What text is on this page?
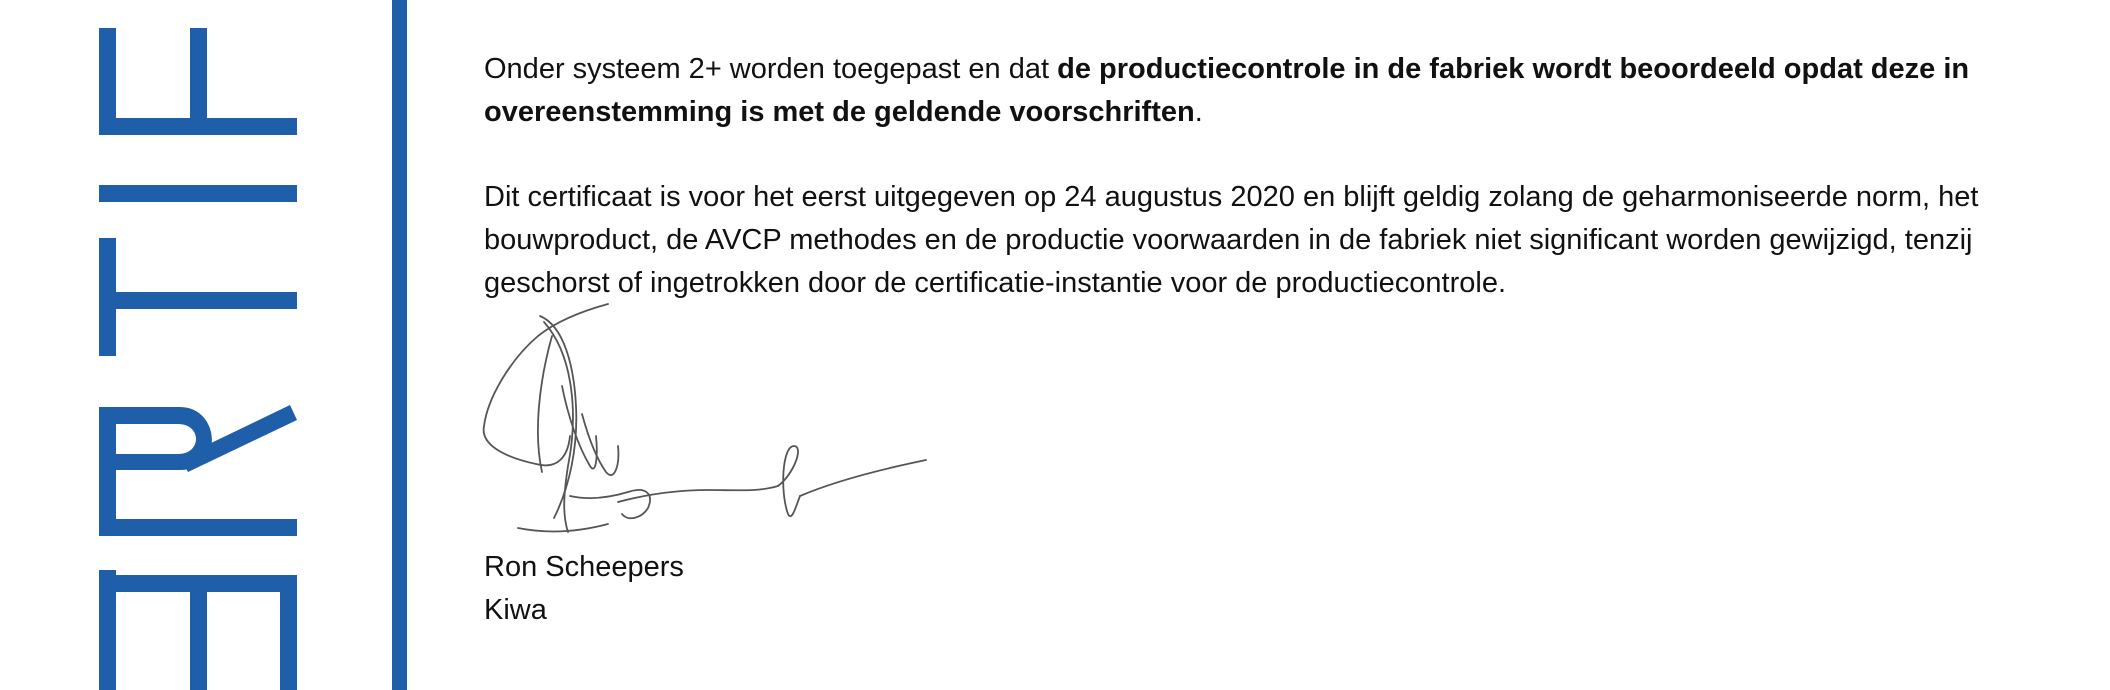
Onder systeem 2+ worden toegepast en dat de productiecontrole in de fabriek wordt beoordeeld opdat deze in overeenstemming is met de geldende voorschriften.

Dit certificaat is voor het eerst uitgegeven op 24 augustus 2020 en blijft geldig zolang de geharmoniseerde norm, het bouwproduct, de AVCP methodes en de productie voorwaarden in de fabriek niet significant worden gewijzigd, tenzij geschorst of ingetrokken door de certificatie-instantie voor de productiecontrole.

Ron Scheepers
Kiwa
